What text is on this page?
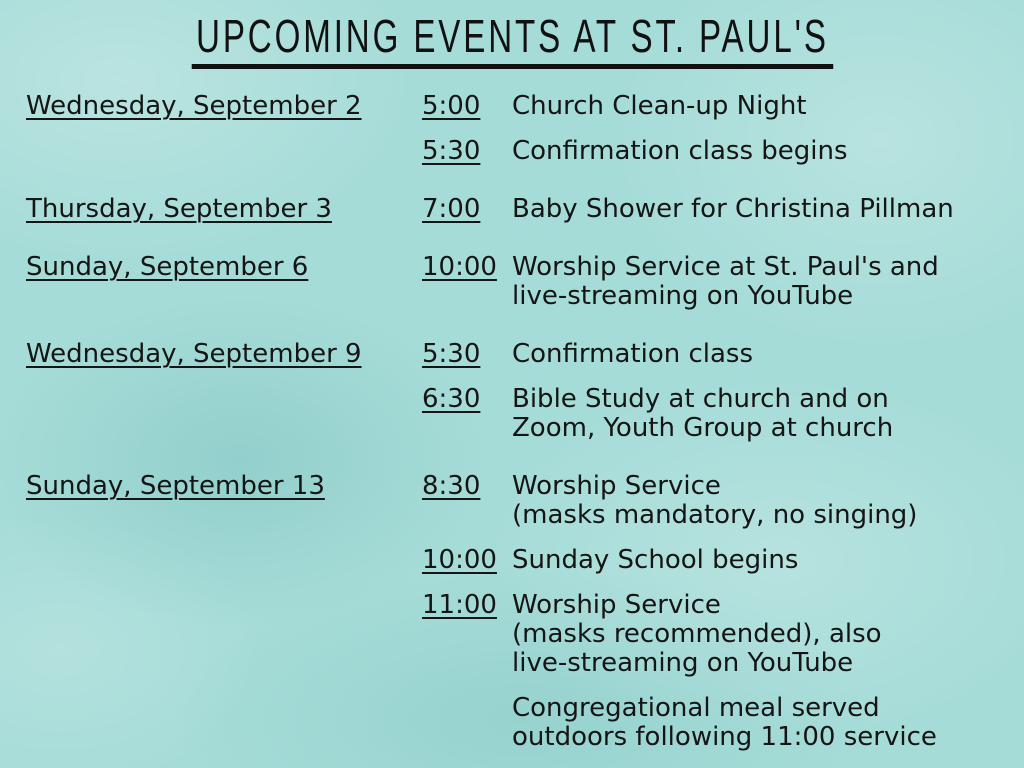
UPCOMING EVENTS AT ST. PAUL'S
Wednesday, September 2	5:00	Church Clean-up Night
5:30	Confirmation class begins
Thursday, September 3	7:00	Baby Shower for Christina Pillman
Sunday, September 6	10:00 Worship Service at St. Paul's and
live-streaming on YouTube
Wednesday, September 9	5:30	Confirmation class
6:30	Bible Study at church and on
Zoom, Youth Group at church
Sunday, September 13	8:30	Worship Service
(masks mandatory, no singing)
10:00 Sunday School begins
11:00 Worship Service
(masks recommended), also
live-streaming on YouTube
Congregational meal served
outdoors following 11:00 service
